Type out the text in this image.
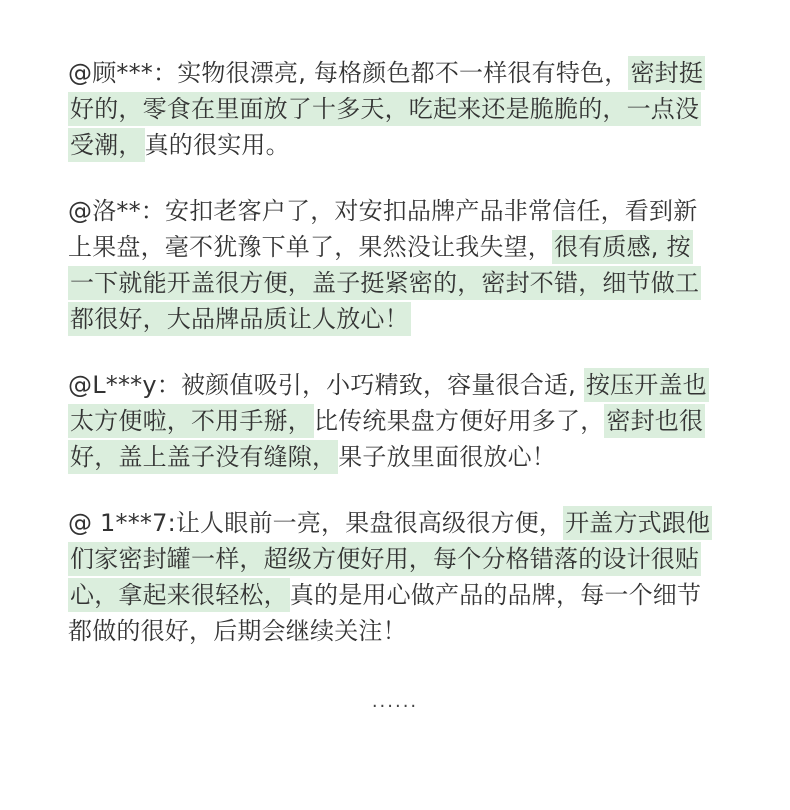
@顾***：实物很漂亮, 每格颜色都不一样很有特色，密封挺
好的，零食在里面放了十多天，吃起来还是脆脆的，一点没
受潮，真的很实用。
@洛**：安扣老客户了，对安扣品牌产品非常信任，看到新
上果盘，毫不犹豫下单了，果然没让我失望，很有质感, 按
一下就能开盖很方便，盖子挺紧密的，密封不错，细节做工
都很好，大品牌品质让人放心！
@L***y：被颜值吸引，小巧精致，容量很合适, 按压开盖也
太方便啦，不用手掰，比传统果盘方便好用多了，密封也很
好，盖上盖子没有缝隙，果子放里面很放心！
@ 1***7:让人眼前一亮，果盘很高级很方便，开盖方式跟他
们家密封罐一样，超级方便好用，每个分格错落的设计很贴
心，拿起来很轻松，真的是用心做产品的品牌，每一个细节
都做的很好，后期会继续关注！
......
